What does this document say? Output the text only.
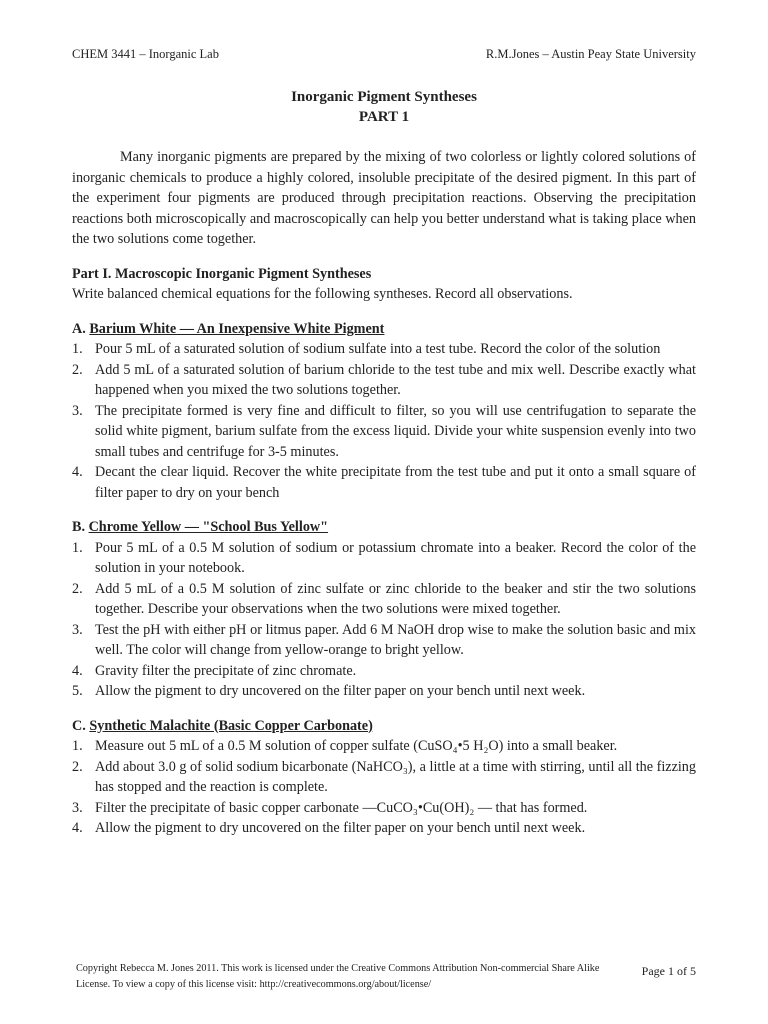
CHEM 3441 – Inorganic Lab	R.M.Jones – Austin Peay State University
Inorganic Pigment Syntheses
PART 1

Many inorganic pigments are prepared by the mixing of two colorless or lightly colored solutions of inorganic chemicals to produce a highly colored, insoluble precipitate of the desired pigment. In this part of the experiment four pigments are produced through precipitation reactions. Observing the precipitation reactions both microscopically and macroscopically can help you better understand what is taking place when the two solutions come together.

Part I. Macroscopic Inorganic Pigment Syntheses

Write balanced chemical equations for the following syntheses. Record all observations.

A. Barium White — An Inexpensive White Pigment

1. Pour 5 mL of a saturated solution of sodium sulfate into a test tube. Record the color of the solution
2. Add 5 mL of a saturated solution of barium chloride to the test tube and mix well. Describe exactly what happened when you mixed the two solutions together.
3. The precipitate formed is very fine and difficult to filter, so you will use centrifugation to separate the solid white pigment, barium sulfate from the excess liquid. Divide your white suspension evenly into two small tubes and centrifuge for 3-5 minutes.
4. Decant the clear liquid. Recover the white precipitate from the test tube and put it onto a small square of filter paper to dry on your bench

B. Chrome Yellow — "School Bus Yellow"

1. Pour 5 mL of a 0.5 M solution of sodium or potassium chromate into a beaker. Record the color of the solution in your notebook.
2. Add 5 mL of a 0.5 M solution of zinc sulfate or zinc chloride to the beaker and stir the two solutions together. Describe your observations when the two solutions were mixed together.
3. Test the pH with either pH or litmus paper. Add 6 M NaOH drop wise to make the solution basic and mix well. The color will change from yellow-orange to bright yellow.
4. Gravity filter the precipitate of zinc chromate.
5. Allow the pigment to dry uncovered on the filter paper on your bench until next week.

C. Synthetic Malachite (Basic Copper Carbonate)

1. Measure out 5 mL of a 0.5 M solution of copper sulfate (CuSO₄•5 H₂O) into a small beaker.
2. Add about 3.0 g of solid sodium bicarbonate (NaHCO₃), a little at a time with stirring, until all the fizzing has stopped and the reaction is complete.
3. Filter the precipitate of basic copper carbonate —CuCO₃•Cu(OH)₂ — that has formed.
4. Allow the pigment to dry uncovered on the filter paper on your bench until next week.
Copyright Rebecca M. Jones 2011. This work is licensed under the Creative Commons Attribution Non-commercial Share Alike License. To view a copy of this license visit: http://creativecommons.org/about/license/
Page 1 of 5
